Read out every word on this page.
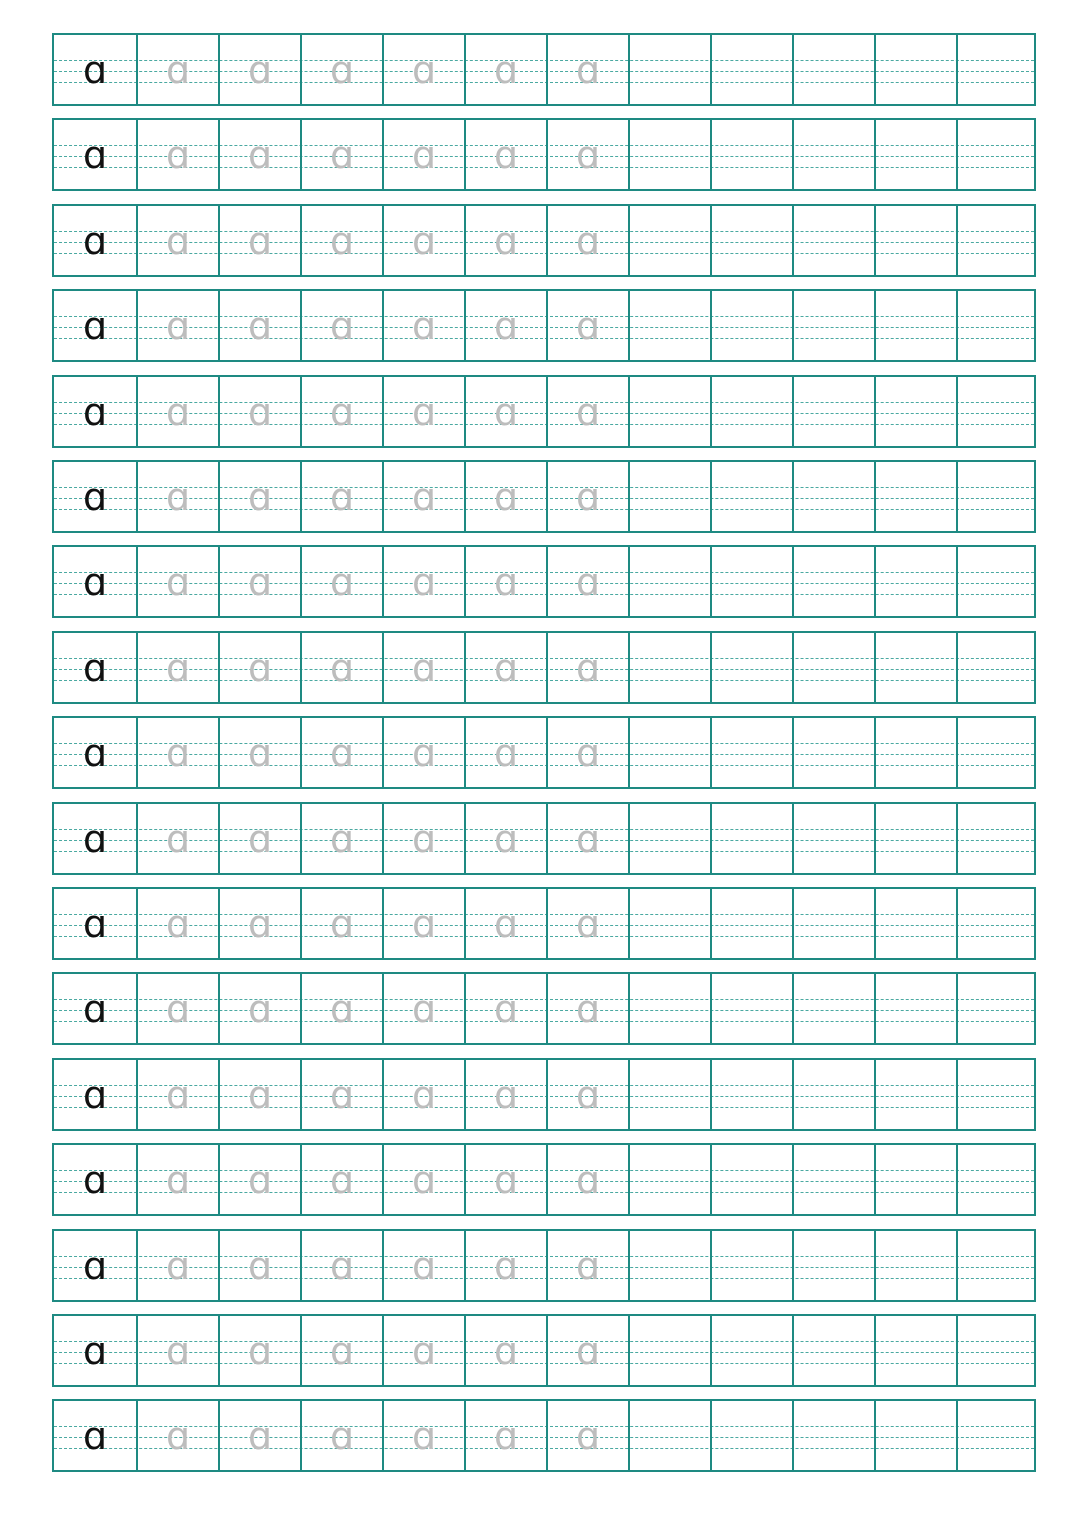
ɑ	ɑ	ɑ	ɑ	ɑ	ɑ	ɑ
ɑ	ɑ	ɑ	ɑ	ɑ	ɑ	ɑ
ɑ	ɑ	ɑ	ɑ	ɑ	ɑ	ɑ
ɑ	ɑ	ɑ	ɑ	ɑ	ɑ	ɑ
ɑ	ɑ	ɑ	ɑ	ɑ	ɑ	ɑ
ɑ	ɑ	ɑ	ɑ	ɑ	ɑ	ɑ
ɑ	ɑ	ɑ	ɑ	ɑ	ɑ	ɑ
ɑ	ɑ	ɑ	ɑ	ɑ	ɑ	ɑ
ɑ	ɑ	ɑ	ɑ	ɑ	ɑ	ɑ
ɑ	ɑ	ɑ	ɑ	ɑ	ɑ	ɑ
ɑ	ɑ	ɑ	ɑ	ɑ	ɑ	ɑ
ɑ	ɑ	ɑ	ɑ	ɑ	ɑ	ɑ
ɑ	ɑ	ɑ	ɑ	ɑ	ɑ	ɑ
ɑ	ɑ	ɑ	ɑ	ɑ	ɑ	ɑ
ɑ	ɑ	ɑ	ɑ	ɑ	ɑ	ɑ
ɑ	ɑ	ɑ	ɑ	ɑ	ɑ	ɑ
ɑ	ɑ	ɑ	ɑ	ɑ	ɑ	ɑ
